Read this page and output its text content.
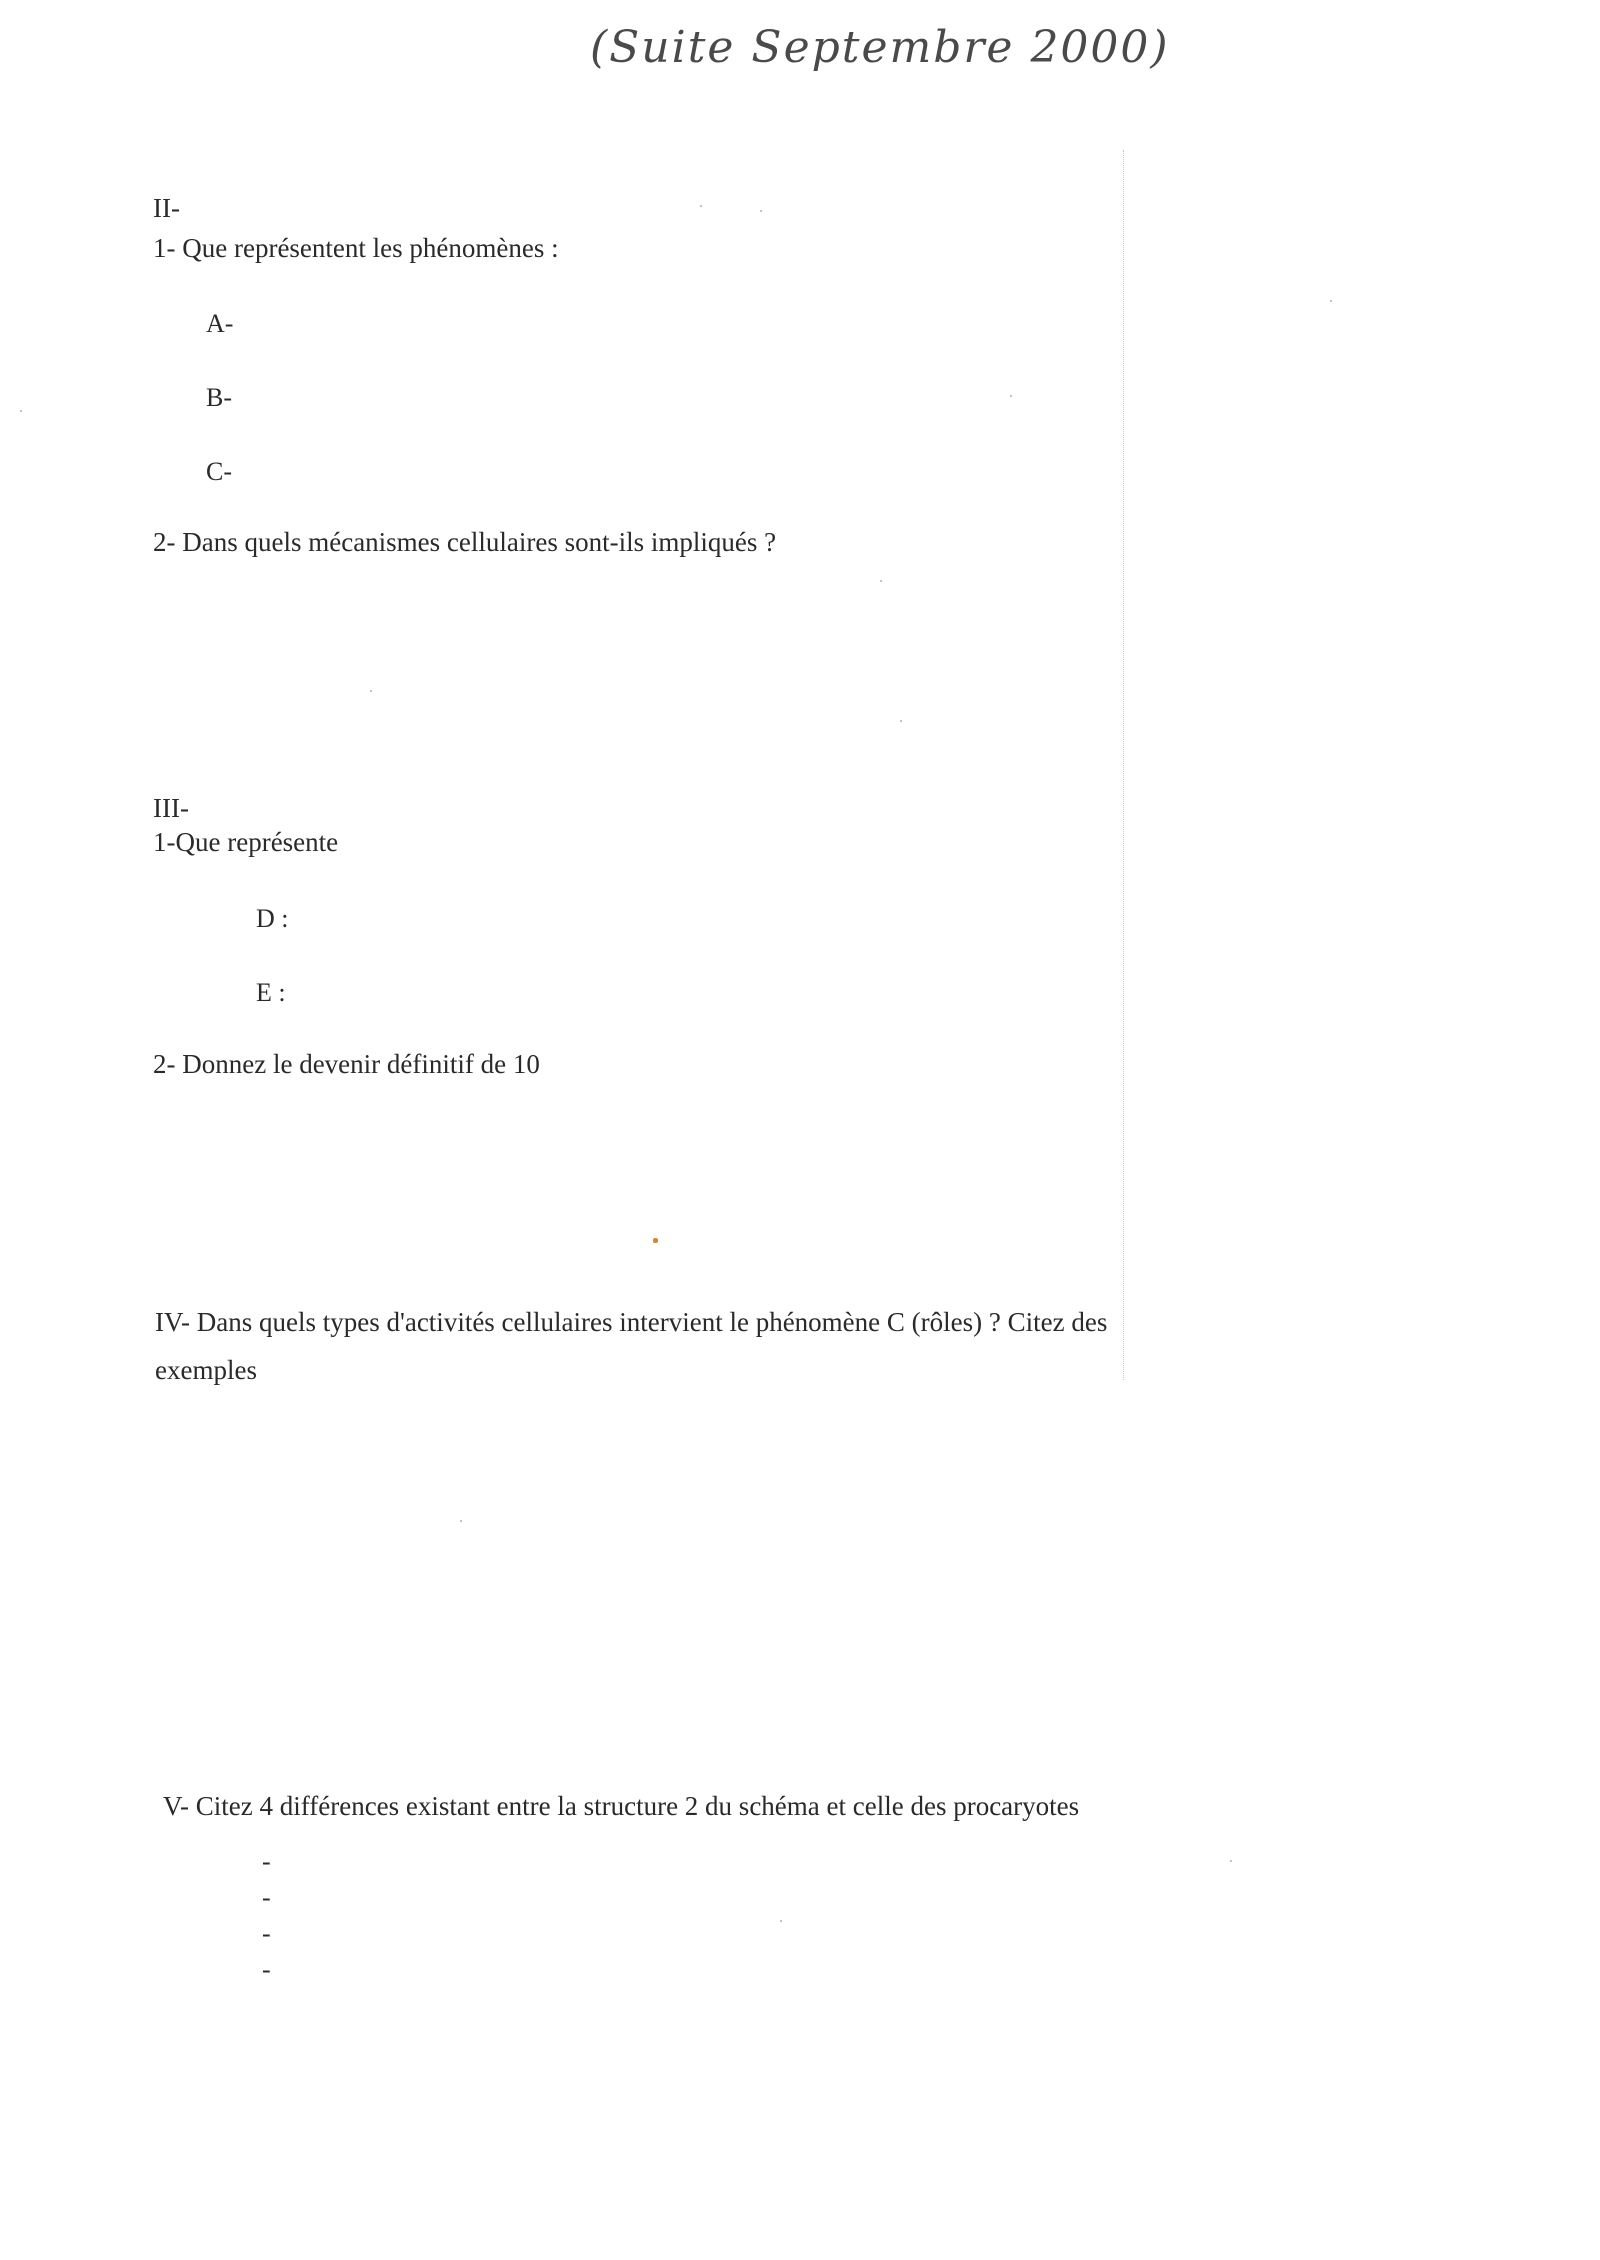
(Suite Septembre 2000)
II-
1- Que représentent les phénomènes :
A-
B-
C-
2- Dans quels mécanismes cellulaires sont-ils impliqués ?
III-
1-Que représente
D :
E :
2- Donnez le devenir définitif de 10
IV- Dans quels types d'activités cellulaires intervient le phénomène C (rôles) ? Citez des
exemples
V- Citez 4 différences existant entre la structure 2 du schéma et celle des procaryotes
-
-
-
-
